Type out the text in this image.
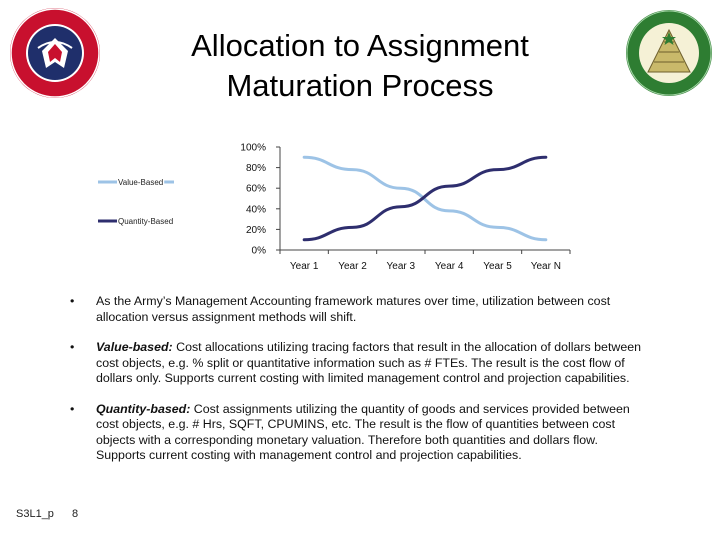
Allocation to Assignment
Maturation Process
0%
20%
40%
60%
80%
100%
Year 1 Year 2 Year 3 Year 4 Year 5 Year N
Value-Based
Quantity-Based
• As the Army’s Management Accounting framework matures over time, utilization between cost allocation versus assignment methods will shift.
• Value-based: Cost allocations utilizing tracing factors that result in the allocation of dollars between cost objects, e.g. % split or quantitative information such as # FTEs. The result is the cost flow of dollars only. Supports current costing with limited management control and projection capabilities.
• Quantity-based: Cost assignments utilizing the quantity of goods and services provided between cost objects, e.g. # Hrs, SQFT, CPUMINS, etc. The result is the flow of quantities between cost objects with a corresponding monetary valuation. Therefore both quantities and dollars flow. Supports current costing with management control and projection capabilities.
S3L1_p 8
